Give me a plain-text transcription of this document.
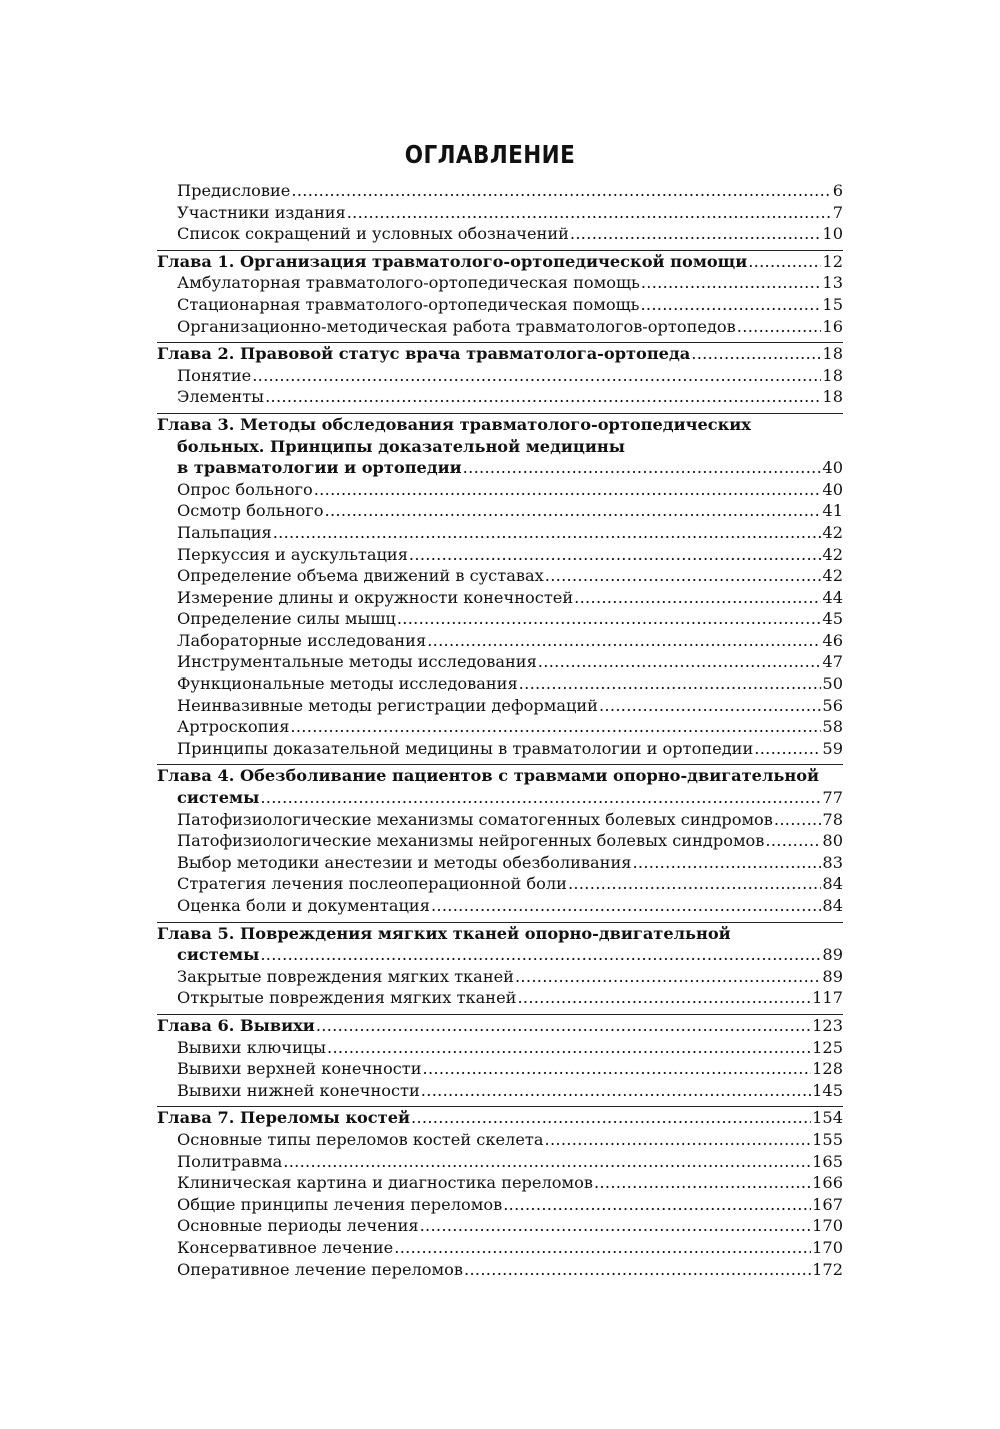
ОГЛАВЛЕНИЕ
Предисловие .....	6
Участники издания .....	7
Список сокращений и условных обозначений .....	10
Глава 1. Организация травматолого-ортопедической помощи .....	12
Амбулаторная травматолого-ортопедическая помощь .....	13
Стационарная травматолого-ортопедическая помощь .....	15
Организационно-методическая работа травматологов-ортопедов .....	16
Глава 2. Правовой статус врача травматолога-ортопеда .....	18
Понятие .....	18
Элементы .....	18
Глава 3. Методы обследования травматолого-ортопедических
больных. Принципы доказательной медицины
в травматологии и ортопедии .....	40
Опрос больного .....	40
Осмотр больного .....	41
Пальпация .....	42
Перкуссия и аускультация .....	42
Определение объема движений в суставах .....	42
Измерение длины и окружности конечностей .....	44
Определение силы мышц .....	45
Лабораторные исследования .....	46
Инструментальные методы исследования .....	47
Функциональные методы исследования .....	50
Неинвазивные методы регистрации деформаций .....	56
Артроскопия .....	58
Принципы доказательной медицины в травматологии и ортопедии .....	59
Глава 4. Обезболивание пациентов с травмами опорно-двигательной
системы .....	77
Патофизиологические механизмы соматогенных болевых синдромов .....	78
Патофизиологические механизмы нейрогенных болевых синдромов .....	80
Выбор методики анестезии и методы обезболивания .....	83
Стратегия лечения послеоперационной боли .....	84
Оценка боли и документация .....	84
Глава 5. Повреждения мягких тканей опорно-двигательной
системы .....	89
Закрытые повреждения мягких тканей .....	89
Открытые повреждения мягких тканей .....	117
Глава 6. Вывихи .....	123
Вывихи ключицы .....	125
Вывихи верхней конечности .....	128
Вывихи нижней конечности .....	145
Глава 7. Переломы костей .....	154
Основные типы переломов костей скелета .....	155
Политравма .....	165
Клиническая картина и диагностика переломов .....	166
Общие принципы лечения переломов .....	167
Основные периоды лечения .....	170
Консервативное лечение .....	170
Оперативное лечение переломов .....	172
